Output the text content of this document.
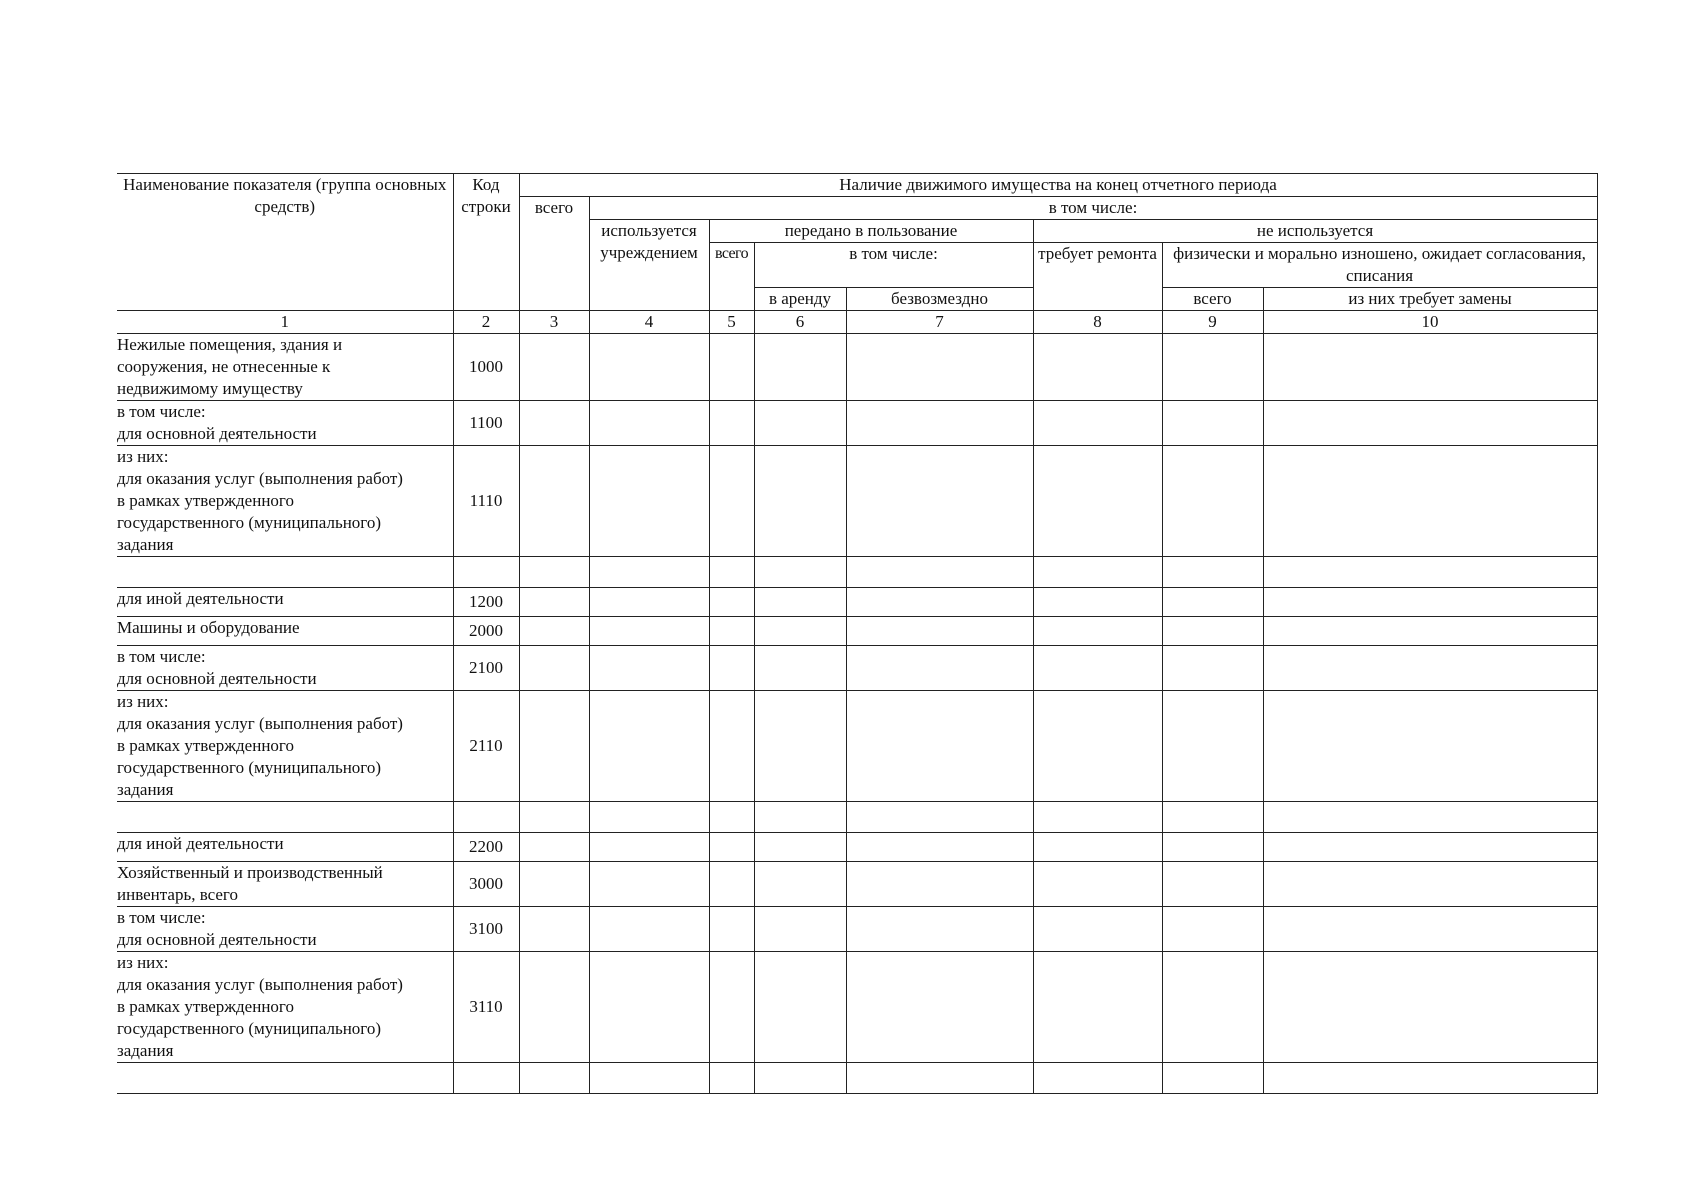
Наименование показателя (группа основных средств)	Код строки	Наличие движимого имущества на конец отчетного периода							
		всего	в том числе:						
			используется учреждением	передано в пользование			не используется		
				всего	в том числе:		требует ремонта	физически и морально изношено, ожидает согласования, списания	
					в аренду	безвозмездно		всего	из них требует замены

1	2	3	4	5	6	7	8	9	10
Нежилые помещения, здания и
сооружения, не отнесенные к
недвижимому имуществу	1000								
в том числе:
для основной деятельности	1100								
из них:
для оказания услуг (выполнения работ)
в рамках утвержденного
государственного (муниципального)
задания	1110								

для иной деятельности	1200								
Машины и оборудование	2000								
в том числе:
для основной деятельности	2100								
из них:
для оказания услуг (выполнения работ)
в рамках утвержденного
государственного (муниципального)
задания	2110								

для иной деятельности	2200								
Хозяйственный и производственный
инвентарь, всего	3000								
в том числе:
для основной деятельности	3100								
из них:
для оказания услуг (выполнения работ)
в рамках утвержденного
государственного (муниципального)
задания	3110								
